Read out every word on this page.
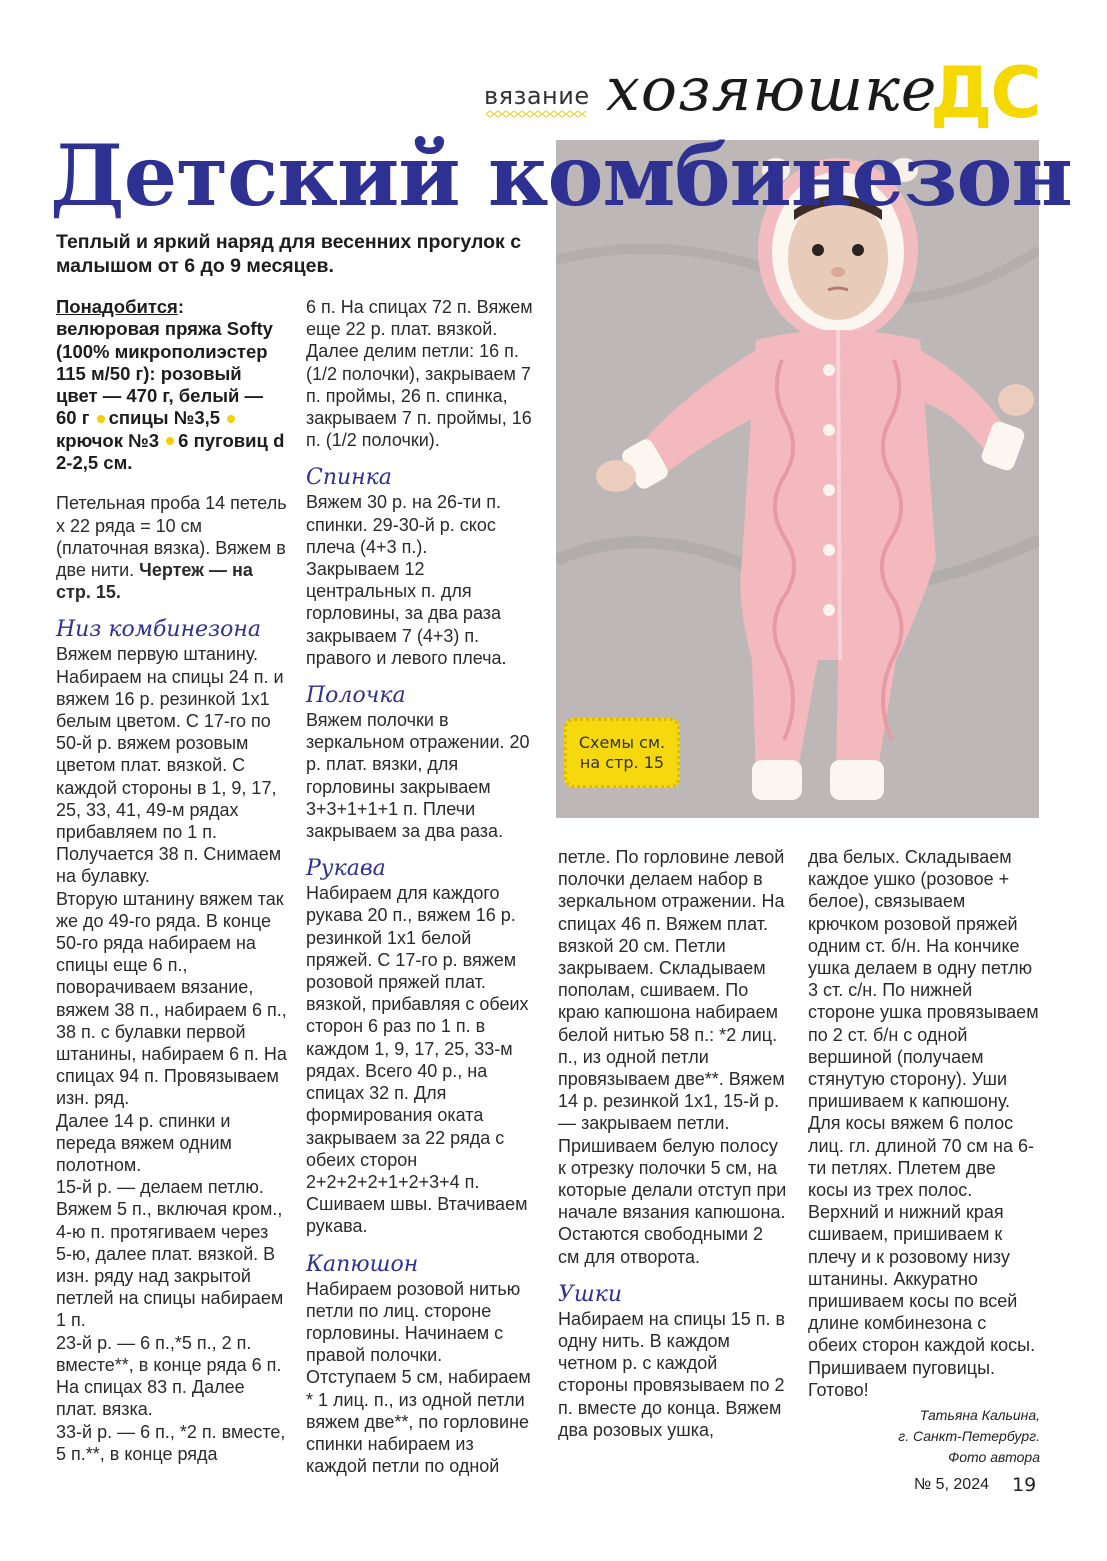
вязание хозяюшке
ДС
Схемы см.
на стр. 15
Детский комбинезон
Теплый и яркий наряд для весенних прогулок с малышом от 6 до 9 месяцев.

Понадобится: велюровая пряжа Softy (100% микрополиэстер 115 м/50 г): розовый цвет — 470 г, белый — 60 г спицы №3,5 крючок №3 6 пуговиц d 2-2,5 см.

Петельная проба 14 петель х 22 ряда = 10 см (платочная вязка). Вяжем в две нити. Чертеж — на стр. 15.

Низ комбинезона

Вяжем первую штанину. Набираем на спицы 24 п. и вяжем 16 р. резинкой 1х1 белым цветом. С 17-го по 50-й р. вяжем розовым цветом плат. вязкой. С каждой стороны в 1, 9, 17, 25, 33, 41, 49-м рядах прибавляем по 1 п. Получается 38 п. Снимаем на булавку.

Вторую штанину вяжем так же до 49-го ряда. В конце 50-го ряда набираем на спицы еще 6 п., поворачиваем вязание, вяжем 38 п., набираем 6 п., 38 п. с булавки первой штанины, набираем 6 п. На спицах 94 п. Провязываем изн. ряд.

Далее 14 р. спинки и переда вяжем одним полотном.

15-й р. — делаем петлю. Вяжем 5 п., включая кром., 4-ю п. протягиваем через 5-ю, далее плат. вязкой. В изн. ряду над закрытой петлей на спицы набираем 1 п.

23-й р. — 6 п.,*5 п., 2 п. вместе**, в конце ряда 6 п. На спицах 83 п. Далее плат. вязка.

33-й р. — 6 п., *2 п. вместе, 5 п.**, в конце ряда

6 п. На спицах 72 п. Вяжем еще 22 р. плат. вязкой.

Далее делим петли: 16 п. (1/2 полочки), закрываем 7 п. проймы, 26 п. спинка, закрываем 7 п. проймы, 16 п. (1/2 полочки).

Спинка

Вяжем 30 р. на 26-ти п. спинки. 29-30-й р. скос плеча (4+3 п.).

Закрываем 12 центральных п. для горловины, за два раза закрываем 7 (4+3) п. правого и левого плеча.

Полочка

Вяжем полочки в зеркальном отражении. 20 р. плат. вязки, для горловины закрываем 3+3+1+1+1 п. Плечи закрываем за два раза.

Рукава

Набираем для каждого рукава 20 п., вяжем 16 р. резинкой 1х1 белой пряжей. С 17-го р. вяжем розовой пряжей плат. вязкой, прибавляя с обеих сторон 6 раз по 1 п. в каждом 1, 9, 17, 25, 33-м рядах. Всего 40 р., на спицах 32 п. Для формирования оката закрываем за 22 ряда с обеих сторон 2+2+2+2+1+2+3+4 п. Сшиваем швы. Втачиваем рукава.

Капюшон

Набираем розовой нитью петли по лиц. стороне горловины. Начинаем с правой полочки. Отступаем 5 см, набираем * 1 лиц. п., из одной петли вяжем две**, по горловине спинки набираем из каждой петли по одной

петле. По горловине левой полочки делаем набор в зеркальном отражении. На спицах 46 п. Вяжем плат. вязкой 20 см. Петли закрываем. Складываем пополам, сшиваем. По краю капюшона набираем белой нитью 58 п.: *2 лиц. п., из одной петли провязываем две**. Вяжем 14 р. резинкой 1х1, 15-й р. — закрываем петли. Пришиваем белую полосу к отрезку полочки 5 см, на которые делали отступ при начале вязания капюшона. Остаются свободными 2 см для отворота.

Ушки

Набираем на спицы 15 п. в одну нить. В каждом четном р. с каждой стороны провязываем по 2 п. вместе до конца. Вяжем два розовых ушка,

два белых. Складываем каждое ушко (розовое + белое), связываем крючком розовой пряжей одним ст. б/н. На кончике ушка делаем в одну петлю 3 ст. с/н. По нижней стороне ушка провязываем по 2 ст. б/н с одной вершиной (получаем стянутую сторону). Уши пришиваем к капюшону.

Для косы вяжем 6 полос лиц. гл. длиной 70 см на 6-ти петлях. Плетем две косы из трех полос. Верхний и нижний края сшиваем, пришиваем к плечу и к розовому низу штанины. Аккуратно пришиваем косы по всей длине комбинезона с обеих сторон каждой косы. Пришиваем пуговицы. Готово!

Татьяна Кальина,
г. Санкт-Петербург.
Фото автора
№ 5, 2024 19
